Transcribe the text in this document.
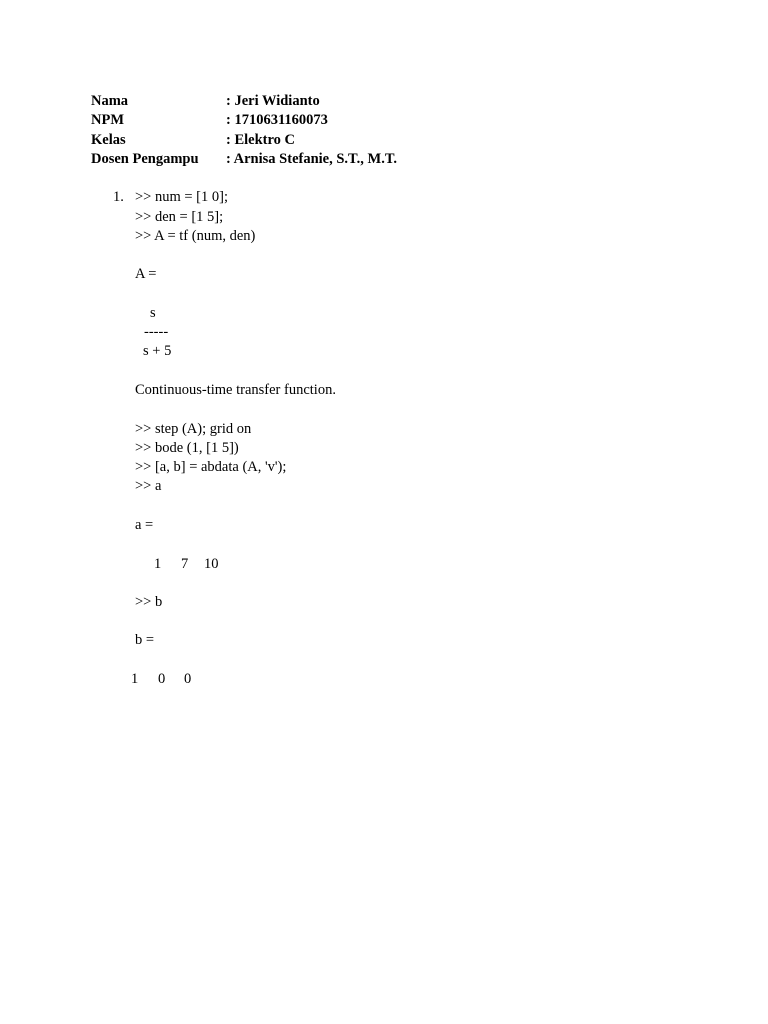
Nama	: Jeri Widianto
NPM	: 1710631160073
Kelas	: Elektro C
Dosen Pengampu : Arnisa Stefanie, S.T., M.T.
1. >> num = [1 0];
>> den = [1 5];
>> A = tf (num, den)
A =
s
-----
s + 5
Continuous-time transfer function.
>> step (A); grid on
>> bode (1, [1 5])
>> [a, b] = abdata (A, 'v');
>> a
a =
1 7 10
>> b
b =
1 0 0
